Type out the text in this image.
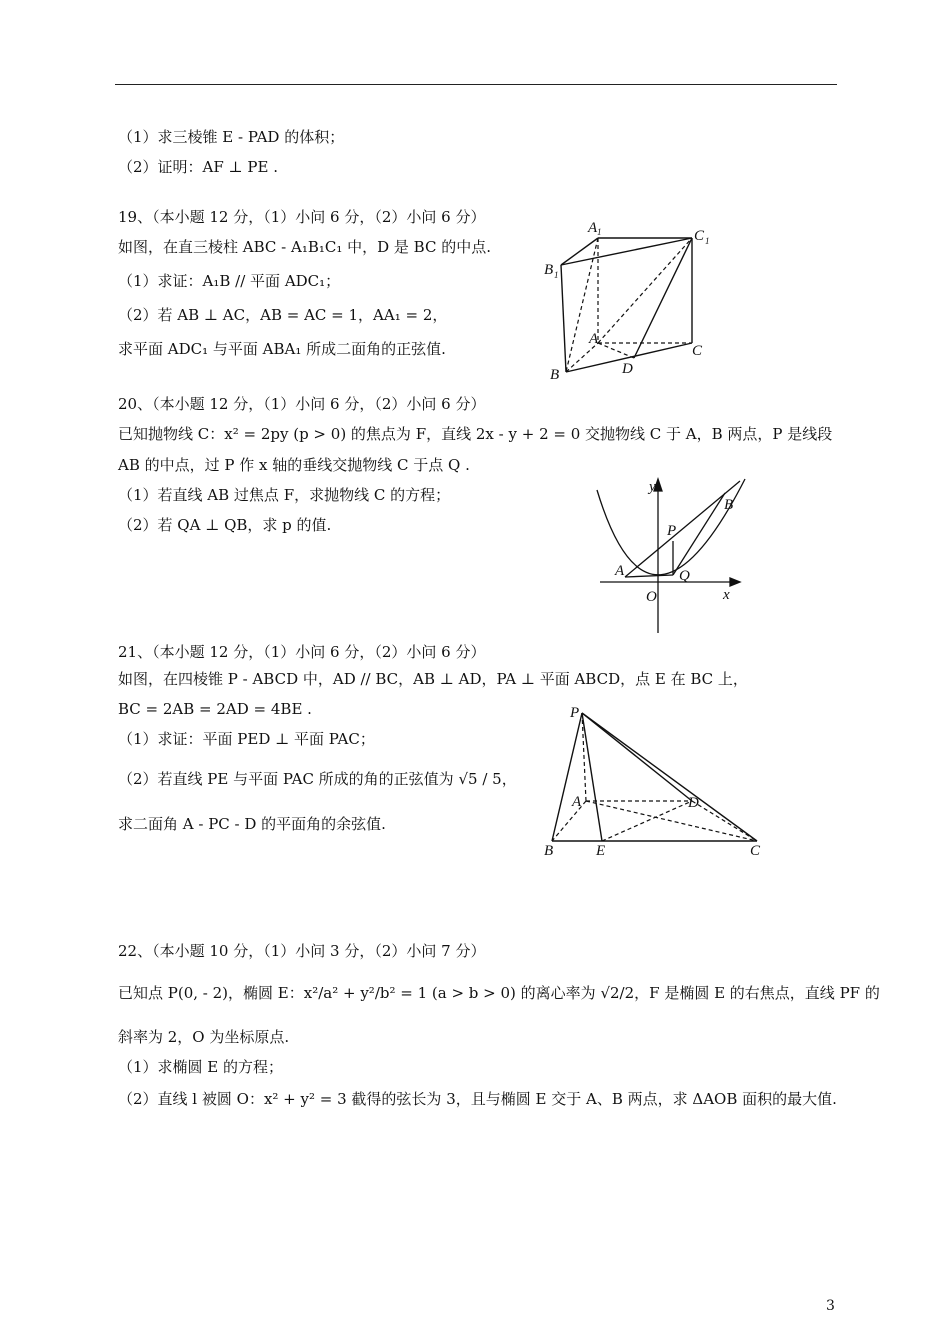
（1）求三棱锥 E - PAD 的体积；
（2）证明：AF ⊥ PE .
19、（本小题 12 分，（1）小问 6 分，（2）小问 6 分）
如图，在直三棱柱 ABC - A₁B₁C₁ 中，D 是 BC 的中点.
（1）求证：A₁B // 平面 ADC₁；
（2）若 AB ⊥ AC，AB = AC = 1，AA₁ = 2，
求平面 ADC₁ 与平面 ABA₁ 所成二面角的正弦值.
A 1	C 1
B 1
A
C
B	D
20、（本小题 12 分，（1）小问 6 分，（2）小问 6 分）
已知抛物线 C：x² = 2py (p > 0) 的焦点为 F，直线 2x - y + 2 = 0 交抛物线 C 于 A，B 两点，P 是线段
AB 的中点，过 P 作 x 轴的垂线交抛物线 C 于点 Q .
（1）若直线 AB 过焦点 F，求抛物线 C 的方程；
（2）若 QA ⊥ QB，求 p 的值.
y
x
O
A
B
P
Q
21、（本小题 12 分，（1）小问 6 分，（2）小问 6 分）
如图，在四棱锥 P - ABCD 中，AD // BC，AB ⊥ AD，PA ⊥ 平面 ABCD，点 E 在 BC 上，
BC = 2AB = 2AD = 4BE .
（1）求证：平面 PED ⊥ 平面 PAC；
（2）若直线 PE 与平面 PAC 所成的角的正弦值为 √5 / 5，
求二面角 A - PC - D 的平面角的余弦值.
P
A	D
B	E	C
22、（本小题 10 分，（1）小问 3 分，（2）小问 7 分）
已知点 P(0, - 2)，椭圆 E：x²/a² + y²/b² = 1 (a > b > 0) 的离心率为 √2/2，F 是椭圆 E 的右焦点，直线 PF 的
斜率为 2，O 为坐标原点.
（1）求椭圆 E 的方程；
（2）直线 l 被圆 O：x² + y² = 3 截得的弦长为 3，且与椭圆 E 交于 A、B 两点，求 ΔAOB 面积的最大值.
3
